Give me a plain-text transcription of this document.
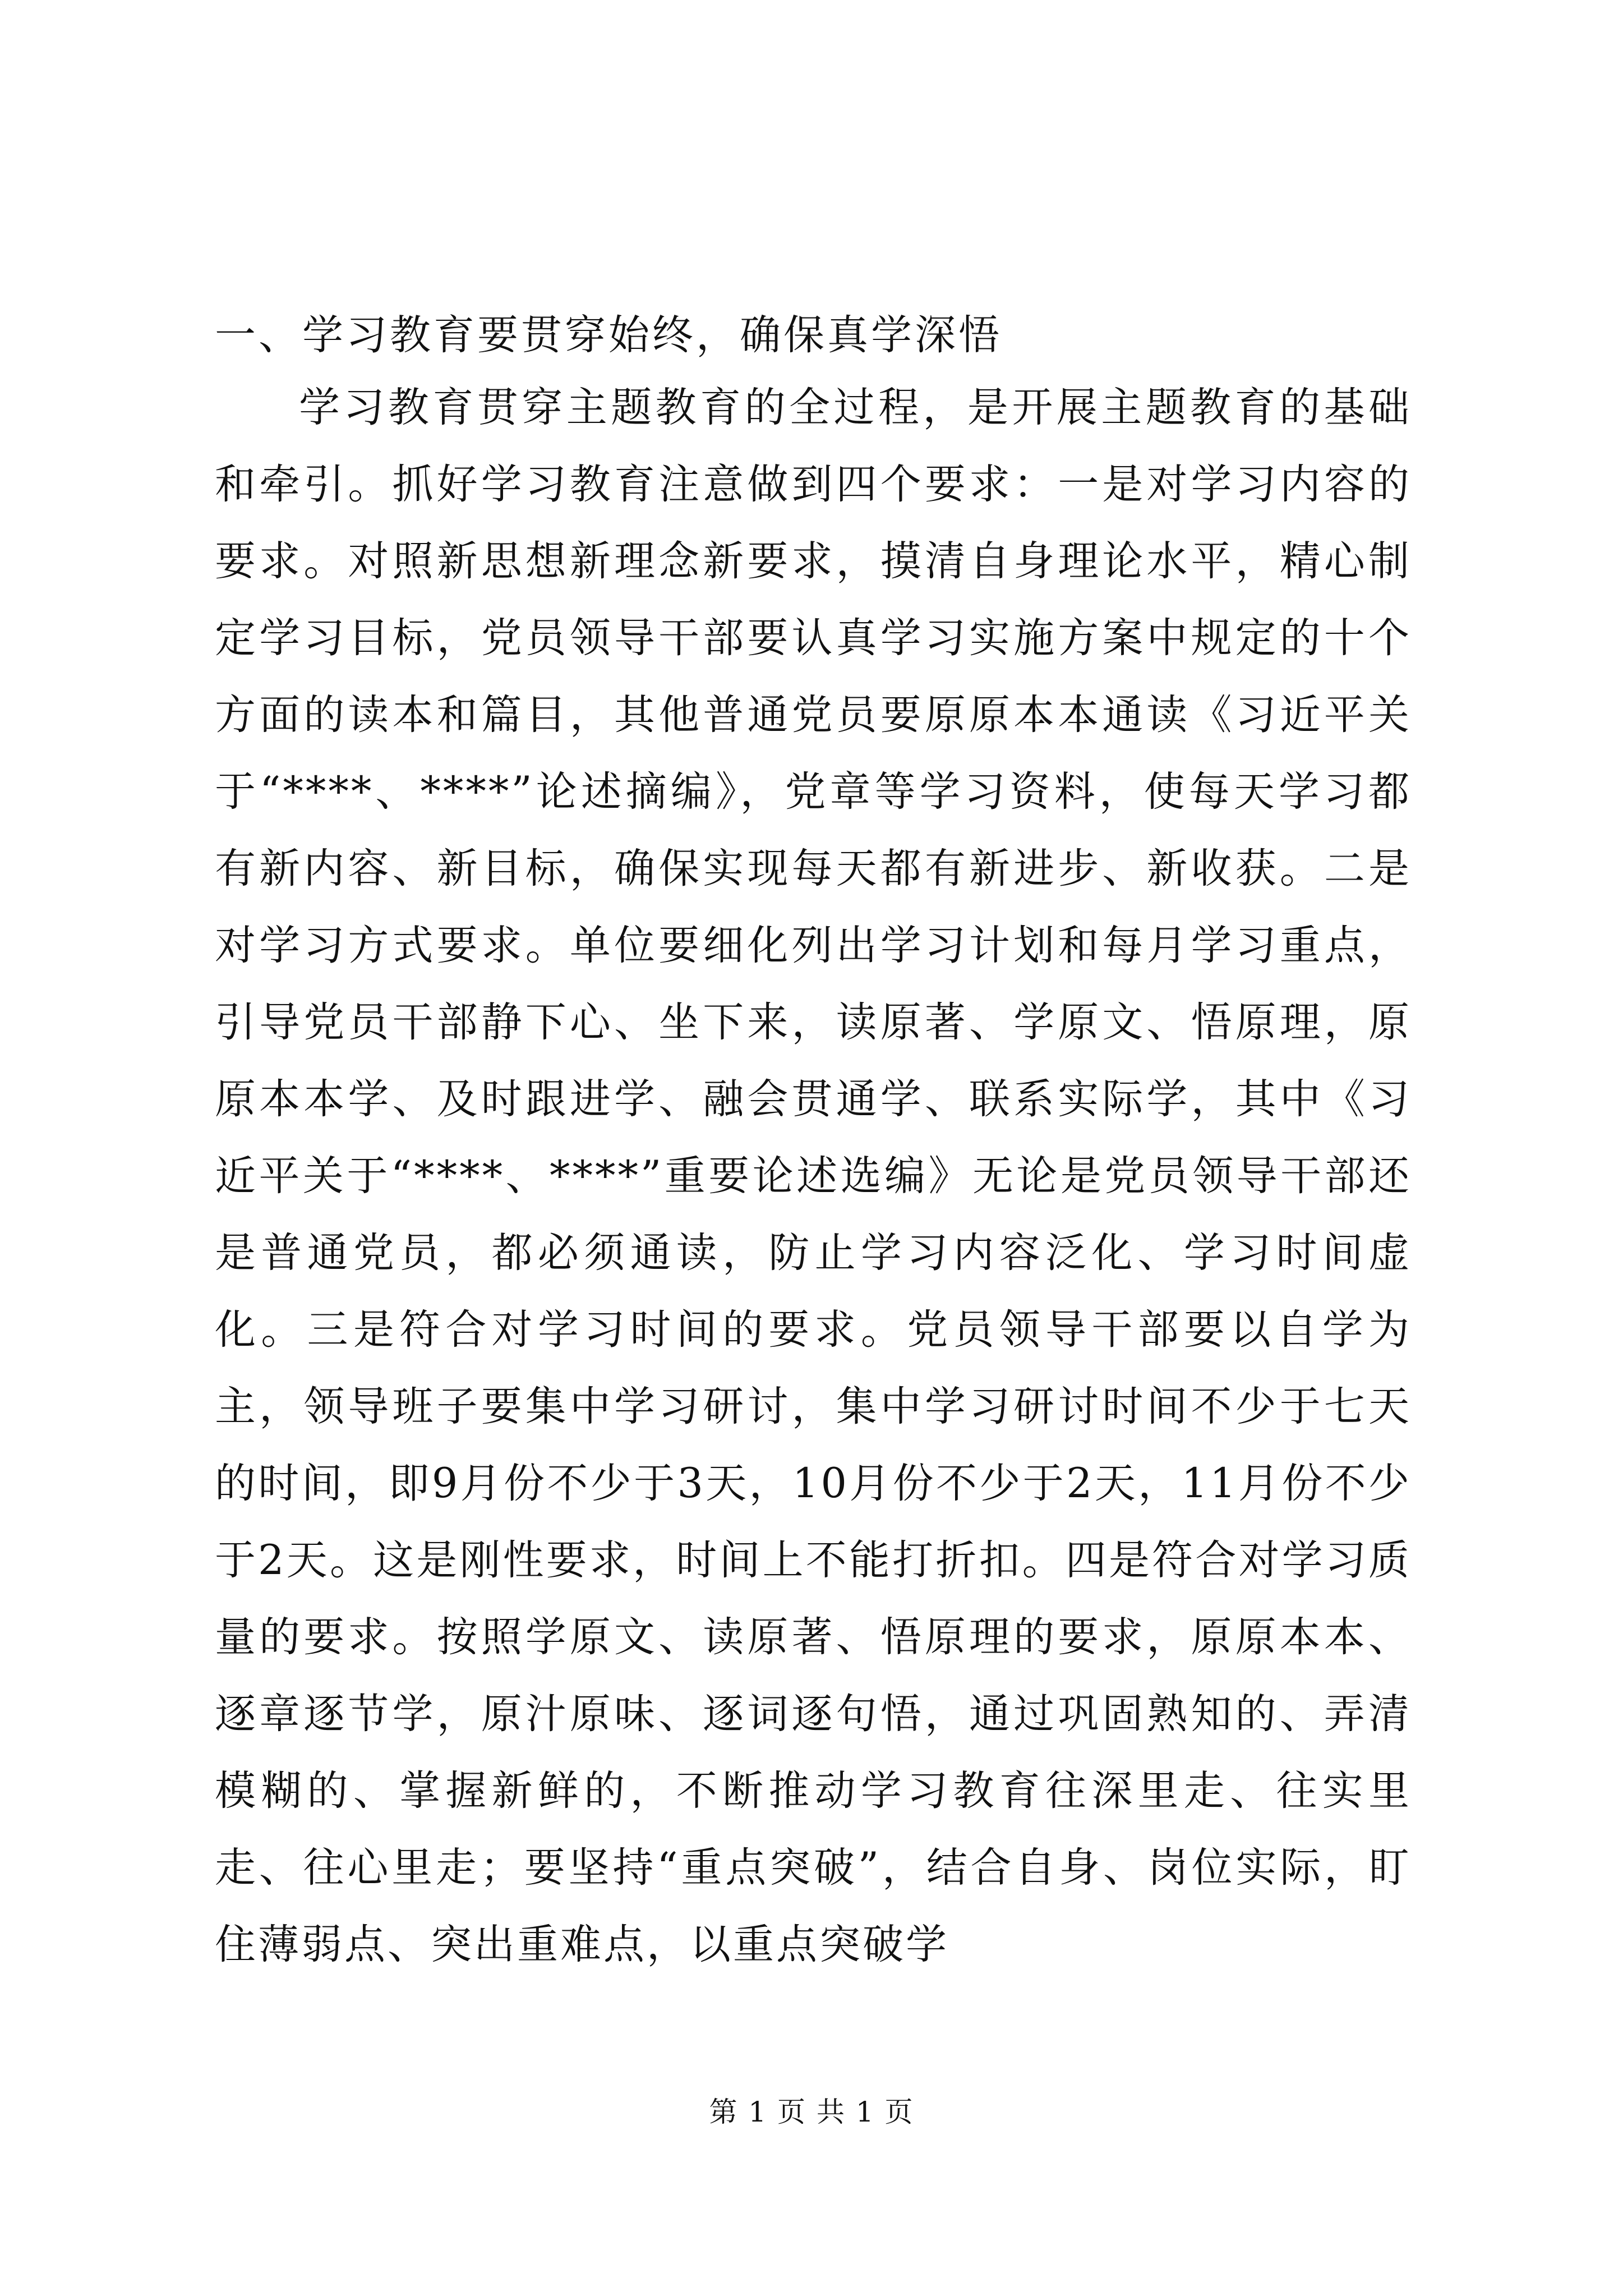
一、学习教育要贯穿始终，确保真学深悟

学习教育贯穿主题教育的全过程，是开展主题教育的基础和牵引。抓好学习教育注意做到四个要求：一是对学习内容的要求。对照新思想新理念新要求，摸清自身理论水平，精心制定学习目标，党员领导干部要认真学习实施方案中规定的十个方面的读本和篇目，其他普通党员要原原本本通读《习近平关于“****、****”论述摘编》，党章等学习资料，使每天学习都有新内容、新目标，确保实现每天都有新进步、新收获。二是对学习方式要求。单位要细化列出学习计划和每月学习重点，引导党员干部静下心、坐下来，读原著、学原文、悟原理，原原本本学、及时跟进学、融会贯通学、联系实际学，其中《习近平关于“****、****”重要论述选编》无论是党员领导干部还是普通党员，都必须通读，防止学习内容泛化、学习时间虚化。三是符合对学习时间的要求。党员领导干部要以自学为主，领导班子要集中学习研讨，集中学习研讨时间不少于七天的时间，即9月份不少于3天，10月份不少于2天，11月份不少于2天。这是刚性要求，时间上不能打折扣。四是符合对学习质量的要求。按照学原文、读原著、悟原理的要求，原原本本、逐章逐节学，原汁原味、逐词逐句悟，通过巩固熟知的、弄清模糊的、掌握新鲜的，不断推动学习教育往深里走、往实里走、往心里走；要坚持“重点突破”，结合自身、岗位实际，盯住薄弱点、突出重难点，以重点突破学

第 1 页 共 1 页
